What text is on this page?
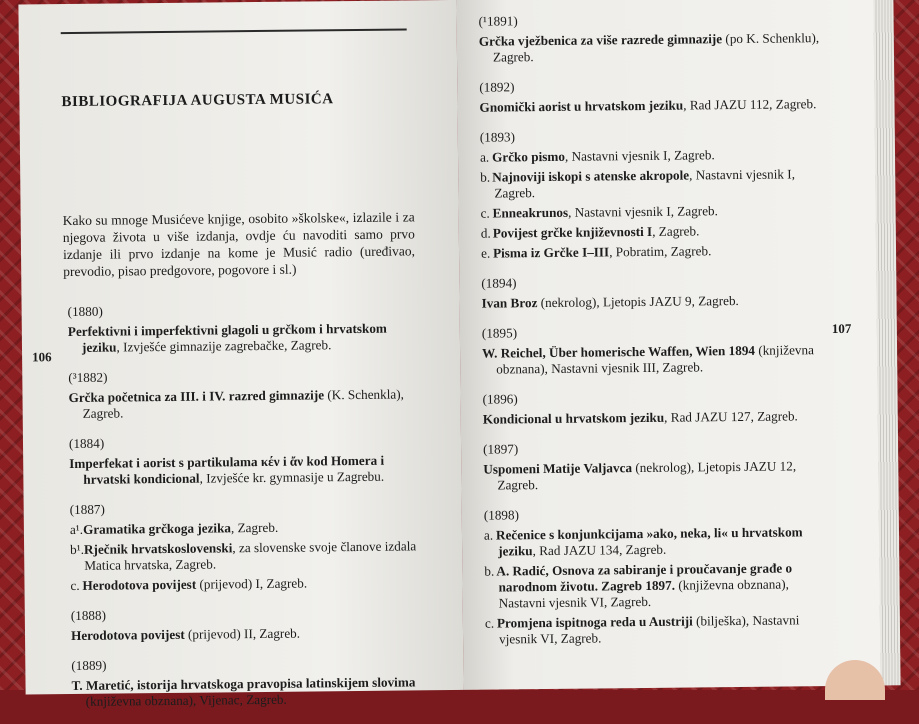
BIBLIOGRAFIJA AUGUSTA MUSIĆA
Kako su mnoge Musićeve knjige, osobito »školske«, izlazile i za njegova života u više izdanja, ovdje ću navoditi samo prvo izdanje ili prvo izdanje na kome je Musić radio (uređivao, prevodio, pisao predgovore, pogovore i sl.)
106
(1880)
Perfektivni i imperfektivni glagoli u grčkom i hrvatskom jeziku, Izvješće gimnazije zagrebačke, Zagreb.
(³1882)
Grčka početnica za III. i IV. razred gimnazije (K. Schenkla), Zagreb.
(1884)
Imperfekat i aorist s partikulama κέν i ἄν kod Homera i hrvatski kondicional, Izvješće kr. gymnasije u Zagrebu.
(1887)
a¹.Gramatika grčkoga jezika, Zagreb.
b¹.Rječnik hrvatskoslovenski, za slovenske svoje članove izdala Matica hrvatska, Zagreb.
c.Herodotova povijest (prijevod) I, Zagreb.
(1888)
Herodotova povijest (prijevod) II, Zagreb.
(1889)
T. Maretić, istorija hrvatskoga pravopisa latinskijem slovima (književna obznana), Vijenac, Zagreb.
(¹1891)
Grčka vježbenica za više razrede gimnazije (po K. Schenklu), Zagreb.
(1892)
Gnomički aorist u hrvatskom jeziku, Rad JAZU 112, Zagreb.
(1893)
a.Grčko pismo, Nastavni vjesnik I, Zagreb.
b.Najnoviji iskopi s atenske akropole, Nastavni vjesnik I, Zagreb.
c.Enneakrunos, Nastavni vjesnik I, Zagreb.
d.Povijest grčke književnosti I, Zagreb.
e.Pisma iz Grčke I–III, Pobratim, Zagreb.
(1894)
Ivan Broz (nekrolog), Ljetopis JAZU 9, Zagreb.
(1895)
W. Reichel, Über homerische Waffen, Wien 1894 (književna obznana), Nastavni vjesnik III, Zagreb.
(1896)
Kondicional u hrvatskom jeziku, Rad JAZU 127, Zagreb.
(1897)
Uspomeni Matije Valjavca (nekrolog), Ljetopis JAZU 12, Zagreb.
(1898)
a.Rečenice s konjunkcijama »ako, neka, li« u hrvatskom jeziku, Rad JAZU 134, Zagreb.
b.A. Radić, Osnova za sabiranje i proučavanje građe o narodnom životu. Zagreb 1897. (književna obznana), Nastavni vjesnik VI, Zagreb.
c.Promjena ispitnoga reda u Austriji (bilješka), Nastavni vjesnik VI, Zagreb.
107
